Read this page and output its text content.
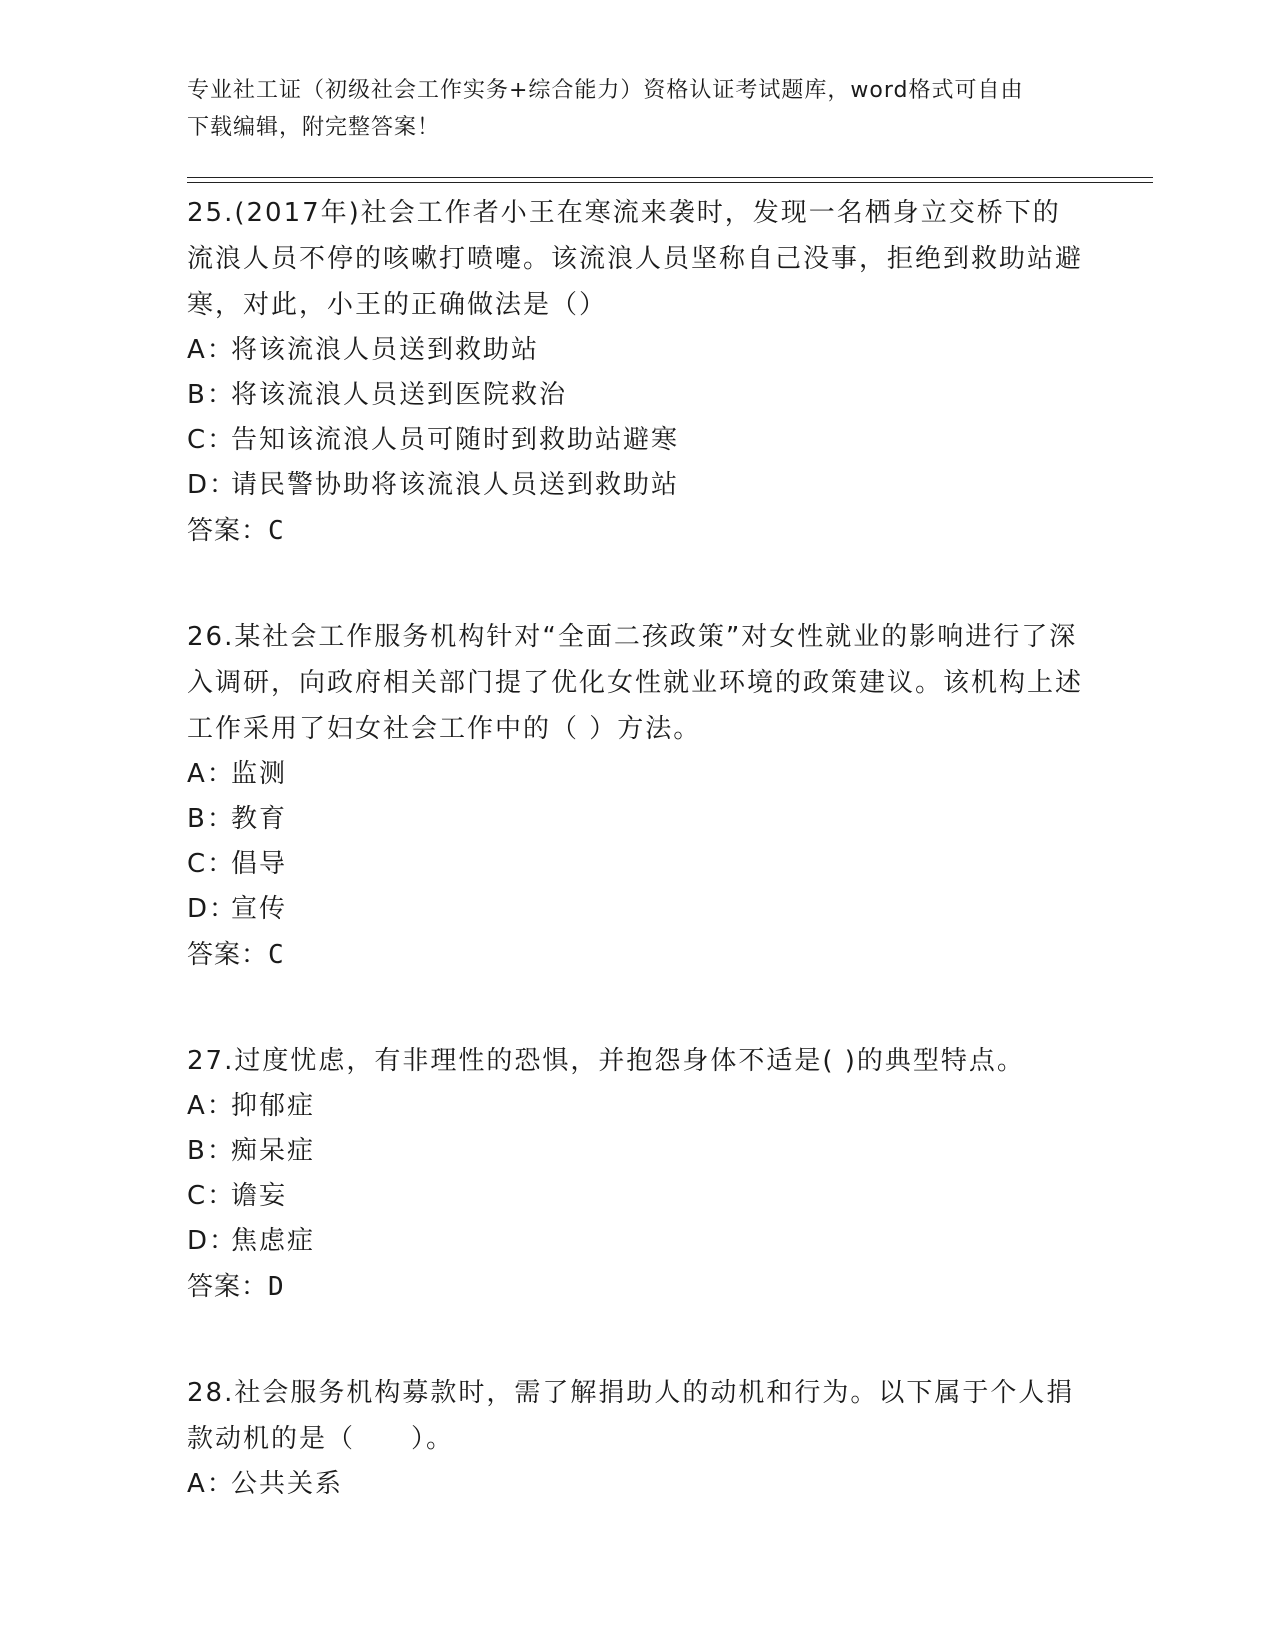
专业社工证（初级社会工作实务+综合能力）资格认证考试题库，word格式可自由
下载编辑，附完整答案！

25.(2017年)社会工作者小王在寒流来袭时，发现一名栖身立交桥下的流浪人员不停的咳嗽打喷嚏。该流浪人员坚称自己没事，拒绝到救助站避寒，对此，小王的正确做法是（）

A：
将该流浪人员送到救助站

B：
将该流浪人员送到医院救治

C：
告知该流浪人员可随时到救助站避寒

D：
请民警协助将该流浪人员送到救助站

答案：C

26.某社会工作服务机构针对“全面二孩政策”对女性就业的影响进行了深入调研，向政府相关部门提了优化女性就业环境的政策建议。该机构上述工作采用了妇女社会工作中的（ ）方法。

A：
监测

B：
教育

C：
倡导

D：
宣传

答案：C

27.过度忧虑，有非理性的恐惧，并抱怨身体不适是( )的典型特点。

A：
抑郁症

B：
痴呆症

C：
谵妄

D：
焦虑症

答案：D

28.社会服务机构募款时，需了解捐助人的动机和行为。以下属于个人捐款动机的是（　　）。

A：
公共关系
